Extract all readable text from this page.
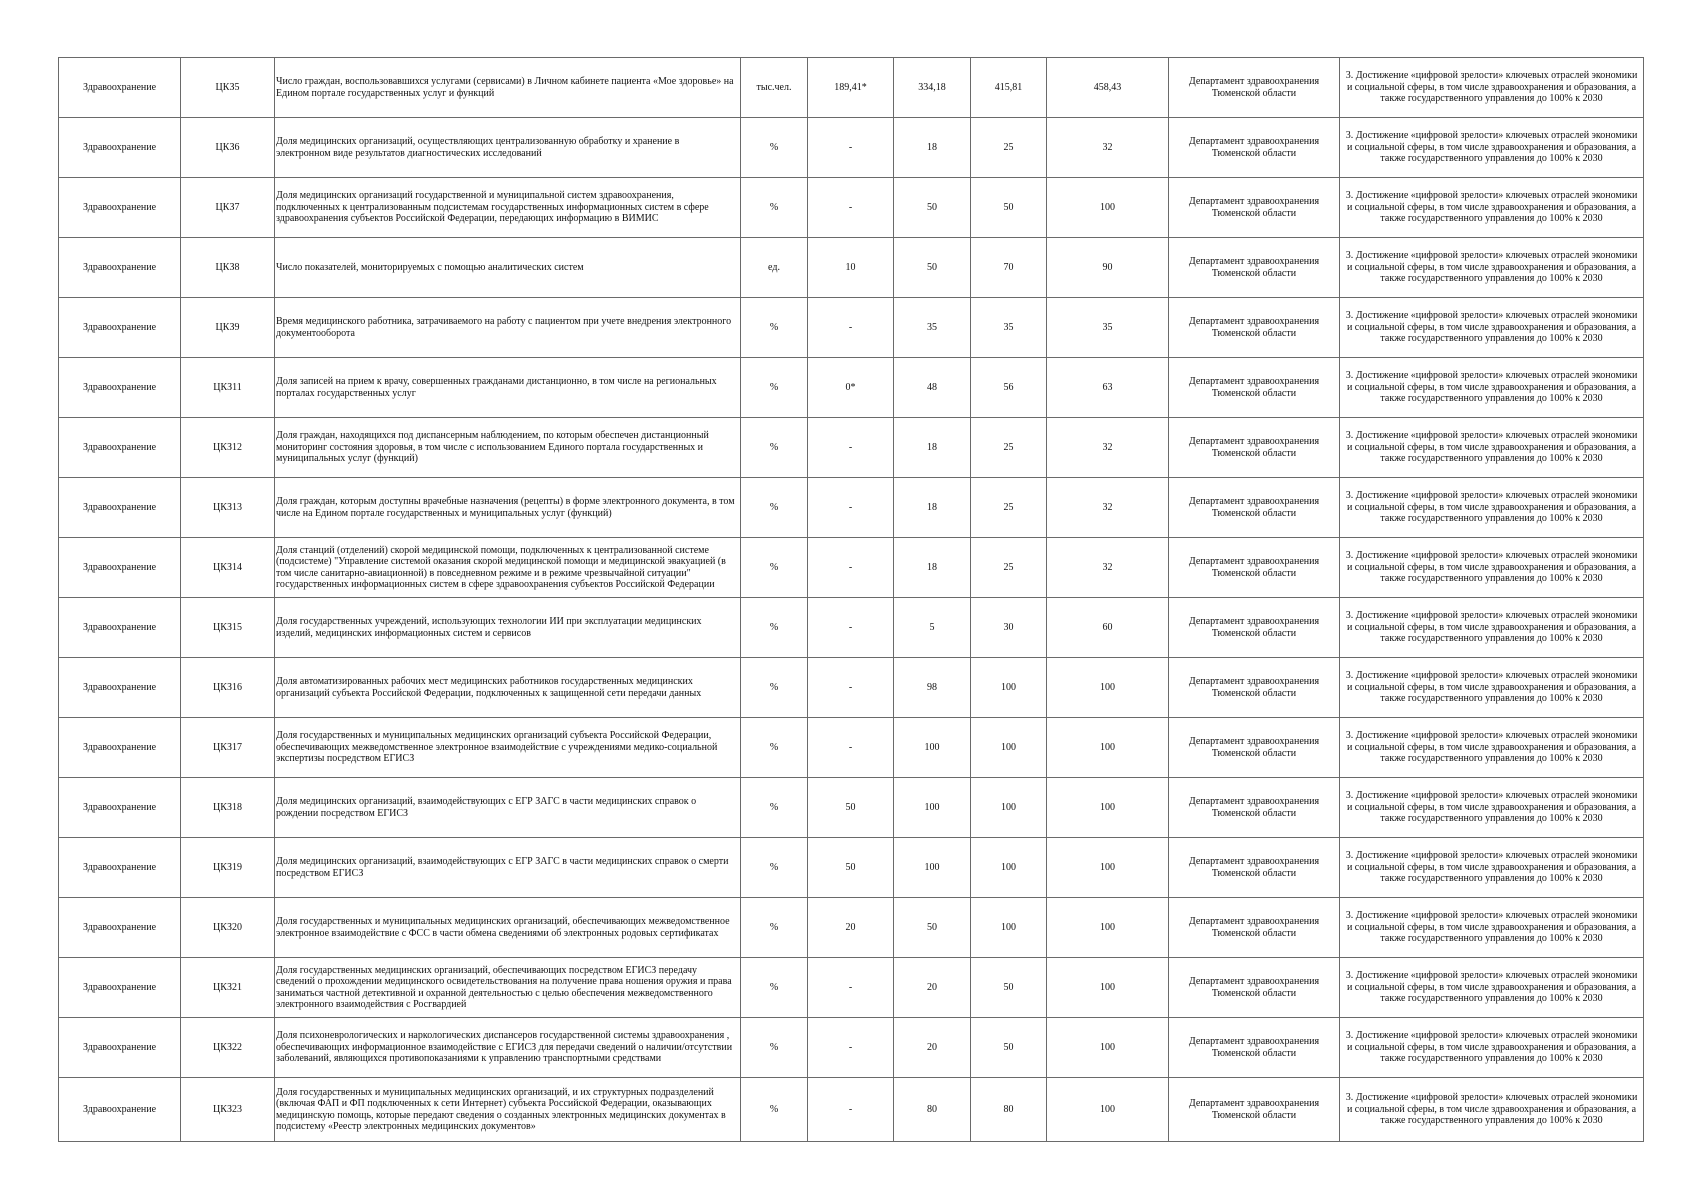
Здравоохранение	ЦКЗ5	Число граждан, воспользовавшихся услугами (сервисами) в Личном кабинете пациента «Мое здоровье» на Едином портале государственных услуг и функций	тыс.чел.	189,41*	334,18	415,81	458,43	Департамент здравоохранения Тюменской области	3. Достижение «цифровой зрелости» ключевых отраслей экономики и социальной сферы, в том числе здравоохранения и образования, а также государственного управления до 100% к 2030
Здравоохранение	ЦКЗ6	Доля медицинских организаций, осуществляющих централизованную обработку и хранение в электронном виде результатов диагностических исследований	%	-	18	25	32	Департамент здравоохранения Тюменской области	3. Достижение «цифровой зрелости» ключевых отраслей экономики и социальной сферы, в том числе здравоохранения и образования, а также государственного управления до 100% к 2030
Здравоохранение	ЦКЗ7	Доля медицинских организаций государственной и муниципальной систем здравоохранения, подключенных к централизованным подсистемам государственных информационных систем в сфере здравоохранения субъектов Российской Федерации, передающих информацию в ВИМИС	%	-	50	50	100	Департамент здравоохранения Тюменской области	3. Достижение «цифровой зрелости» ключевых отраслей экономики и социальной сферы, в том числе здравоохранения и образования, а также государственного управления до 100% к 2030
Здравоохранение	ЦКЗ8	Число показателей, мониторируемых с помощью аналитических систем	ед.	10	50	70	90	Департамент здравоохранения Тюменской области	3. Достижение «цифровой зрелости» ключевых отраслей экономики и социальной сферы, в том числе здравоохранения и образования, а также государственного управления до 100% к 2030
Здравоохранение	ЦКЗ9	Время медицинского работника, затрачиваемого на работу с пациентом при учете внедрения электронного документооборота	%	-	35	35	35	Департамент здравоохранения Тюменской области	3. Достижение «цифровой зрелости» ключевых отраслей экономики и социальной сферы, в том числе здравоохранения и образования, а также государственного управления до 100% к 2030
Здравоохранение	ЦКЗ11	Доля записей на прием к врачу, совершенных гражданами дистанционно, в том числе на региональных порталах государственных услуг	%	0*	48	56	63	Департамент здравоохранения Тюменской области	3. Достижение «цифровой зрелости» ключевых отраслей экономики и социальной сферы, в том числе здравоохранения и образования, а также государственного управления до 100% к 2030
Здравоохранение	ЦКЗ12	Доля граждан, находящихся под диспансерным наблюдением, по которым обеспечен дистанционный мониторинг состояния здоровья, в том числе с использованием Единого портала государственных и муниципальных услуг (функций)	%	-	18	25	32	Департамент здравоохранения Тюменской области	3. Достижение «цифровой зрелости» ключевых отраслей экономики и социальной сферы, в том числе здравоохранения и образования, а также государственного управления до 100% к 2030
Здравоохранение	ЦКЗ13	Доля граждан, которым доступны врачебные назначения (рецепты) в форме электронного документа, в том числе на Едином портале государственных и муниципальных услуг (функций)	%	-	18	25	32	Департамент здравоохранения Тюменской области	3. Достижение «цифровой зрелости» ключевых отраслей экономики и социальной сферы, в том числе здравоохранения и образования, а также государственного управления до 100% к 2030
Здравоохранение	ЦКЗ14	Доля станций (отделений) скорой медицинской помощи, подключенных к централизованной системе (подсистеме) "Управление системой оказания скорой медицинской помощи и медицинской эвакуацией (в том числе санитарно-авиационной) в повседневном режиме и в режиме чрезвычайной ситуации" государственных информационных систем в сфере здравоохранения субъектов Российской Федерации	%	-	18	25	32	Департамент здравоохранения Тюменской области	3. Достижение «цифровой зрелости» ключевых отраслей экономики и социальной сферы, в том числе здравоохранения и образования, а также государственного управления до 100% к 2030
Здравоохранение	ЦКЗ15	Доля государственных учреждений, использующих технологии ИИ при эксплуатации медицинских изделий, медицинских информационных систем и сервисов	%	-	5	30	60	Департамент здравоохранения Тюменской области	3. Достижение «цифровой зрелости» ключевых отраслей экономики и социальной сферы, в том числе здравоохранения и образования, а также государственного управления до 100% к 2030
Здравоохранение	ЦКЗ16	Доля автоматизированных рабочих мест медицинских работников государственных медицинских организаций субъекта Российской Федерации, подключенных к защищенной сети передачи данных	%	-	98	100	100	Департамент здравоохранения Тюменской области	3. Достижение «цифровой зрелости» ключевых отраслей экономики и социальной сферы, в том числе здравоохранения и образования, а также государственного управления до 100% к 2030
Здравоохранение	ЦКЗ17	Доля государственных и муниципальных медицинских организаций субъекта Российской Федерации, обеспечивающих межведомственное электронное взаимодействие с учреждениями медико-социальной экспертизы посредством ЕГИСЗ	%	-	100	100	100	Департамент здравоохранения Тюменской области	3. Достижение «цифровой зрелости» ключевых отраслей экономики и социальной сферы, в том числе здравоохранения и образования, а также государственного управления до 100% к 2030
Здравоохранение	ЦКЗ18	Доля медицинских организаций, взаимодействующих с ЕГР ЗАГС в части медицинских справок о рождении посредством ЕГИСЗ	%	50	100	100	100	Департамент здравоохранения Тюменской области	3. Достижение «цифровой зрелости» ключевых отраслей экономики и социальной сферы, в том числе здравоохранения и образования, а также государственного управления до 100% к 2030
Здравоохранение	ЦКЗ19	Доля медицинских организаций, взаимодействующих с ЕГР ЗАГС в части медицинских справок о смерти посредством ЕГИСЗ	%	50	100	100	100	Департамент здравоохранения Тюменской области	3. Достижение «цифровой зрелости» ключевых отраслей экономики и социальной сферы, в том числе здравоохранения и образования, а также государственного управления до 100% к 2030
Здравоохранение	ЦКЗ20	Доля государственных и муниципальных медицинских организаций, обеспечивающих межведомственное электронное взаимодействие с ФСС в части обмена сведениями об электронных родовых сертификатах	%	20	50	100	100	Департамент здравоохранения Тюменской области	3. Достижение «цифровой зрелости» ключевых отраслей экономики и социальной сферы, в том числе здравоохранения и образования, а также государственного управления до 100% к 2030
Здравоохранение	ЦКЗ21	Доля государственных медицинских организаций, обеспечивающих посредством ЕГИСЗ передачу сведений о прохождении медицинского освидетельствования на получение права ношения оружия и права заниматься частной детективной и охранной деятельностью с целью обеспечения межведомственного электронного взаимодействия с Росгвардией	%	-	20	50	100	Департамент здравоохранения Тюменской области	3. Достижение «цифровой зрелости» ключевых отраслей экономики и социальной сферы, в том числе здравоохранения и образования, а также государственного управления до 100% к 2030
Здравоохранение	ЦКЗ22	Доля психоневрологических и наркологических диспансеров государственной системы здравоохранения , обеспечивающих информационное взаимодействие с ЕГИСЗ для передачи сведений о наличии/отсутствии заболеваний, являющихся противопоказаниями к управлению транспортными средствами	%	-	20	50	100	Департамент здравоохранения Тюменской области	3. Достижение «цифровой зрелости» ключевых отраслей экономики и социальной сферы, в том числе здравоохранения и образования, а также государственного управления до 100% к 2030
Здравоохранение	ЦКЗ23	Доля государственных и муниципальных медицинских организаций, и их структурных подразделений (включая ФАП и ФП подключенных к сети Интернет) субъекта Российской Федерации, оказывающих медицинскую помощь, которые передают сведения о созданных электронных медицинских документах в подсистему «Реестр электронных медицинских документов»	%	-	80	80	100	Департамент здравоохранения Тюменской области	3. Достижение «цифровой зрелости» ключевых отраслей экономики и социальной сферы, в том числе здравоохранения и образования, а также государственного управления до 100% к 2030
